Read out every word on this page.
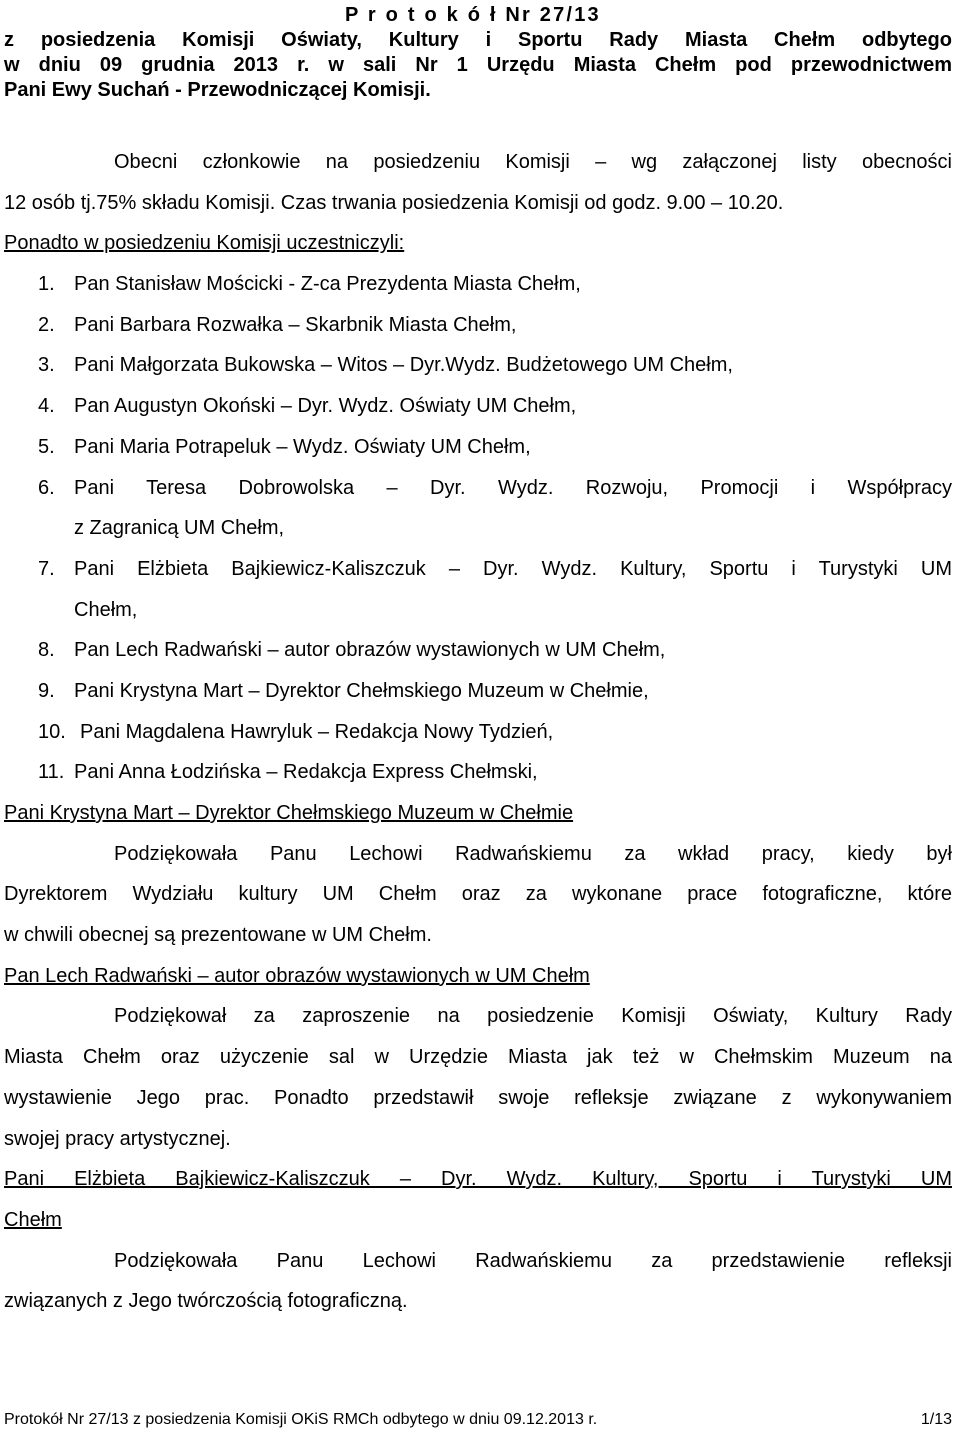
P r o t o k ó ł Nr 27/13
z posiedzenia Komisji Oświaty, Kultury i Sportu Rady Miasta Chełm odbytego
w dniu 09 grudnia 2013 r. w sali Nr 1 Urzędu Miasta Chełm pod przewodnictwem
Pani Ewy Suchań - Przewodniczącej Komisji.
Obecni członkowie na posiedzeniu Komisji – wg załączonej listy obecności
12 osób tj.75% składu Komisji. Czas trwania posiedzenia Komisji od godz. 9.00 – 10.20.
Ponadto w posiedzeniu Komisji uczestniczyli:
1. Pan Stanisław Mościcki - Z-ca Prezydenta Miasta Chełm,
2. Pani Barbara Rozwałka – Skarbnik Miasta Chełm,
3. Pani Małgorzata Bukowska – Witos – Dyr.Wydz. Budżetowego UM Chełm,
4. Pan Augustyn Okoński – Dyr. Wydz. Oświaty UM Chełm,
5. Pani Maria Potrapeluk – Wydz. Oświaty UM Chełm,
6. Pani Teresa Dobrowolska – Dyr. Wydz. Rozwoju, Promocji i Współpracy
z Zagranicą UM Chełm,
7. Pani Elżbieta Bajkiewicz-Kaliszczuk – Dyr. Wydz. Kultury, Sportu i Turystyki UM
Chełm,
8. Pan Lech Radwański – autor obrazów wystawionych w UM Chełm,
9. Pani Krystyna Mart – Dyrektor Chełmskiego Muzeum w Chełmie,
10. Pani Magdalena Hawryluk – Redakcja Nowy Tydzień,
11. Pani Anna Łodzińska – Redakcja Express Chełmski,
Pani Krystyna Mart – Dyrektor Chełmskiego Muzeum w Chełmie
Podziękowała Panu Lechowi Radwańskiemu za wkład pracy, kiedy był
Dyrektorem Wydziału kultury UM Chełm oraz za wykonane prace fotograficzne, które
w chwili obecnej są prezentowane w UM Chełm.
Pan Lech Radwański – autor obrazów wystawionych w UM Chełm
Podziękował za zaproszenie na posiedzenie Komisji Oświaty, Kultury Rady
Miasta Chełm oraz użyczenie sal w Urzędzie Miasta jak też w Chełmskim Muzeum na
wystawienie Jego prac. Ponadto przedstawił swoje refleksje związane z wykonywaniem
swojej pracy artystycznej.
Pani Elżbieta Bajkiewicz-Kaliszczuk – Dyr. Wydz. Kultury, Sportu i Turystyki UM
Chełm
Podziękowała Panu Lechowi Radwańskiemu za przedstawienie refleksji
związanych z Jego twórczością fotograficzną.
Protokół Nr 27/13 z posiedzenia Komisji OKiS RMCh odbytego w dniu 09.12.2013 r.	1/13
